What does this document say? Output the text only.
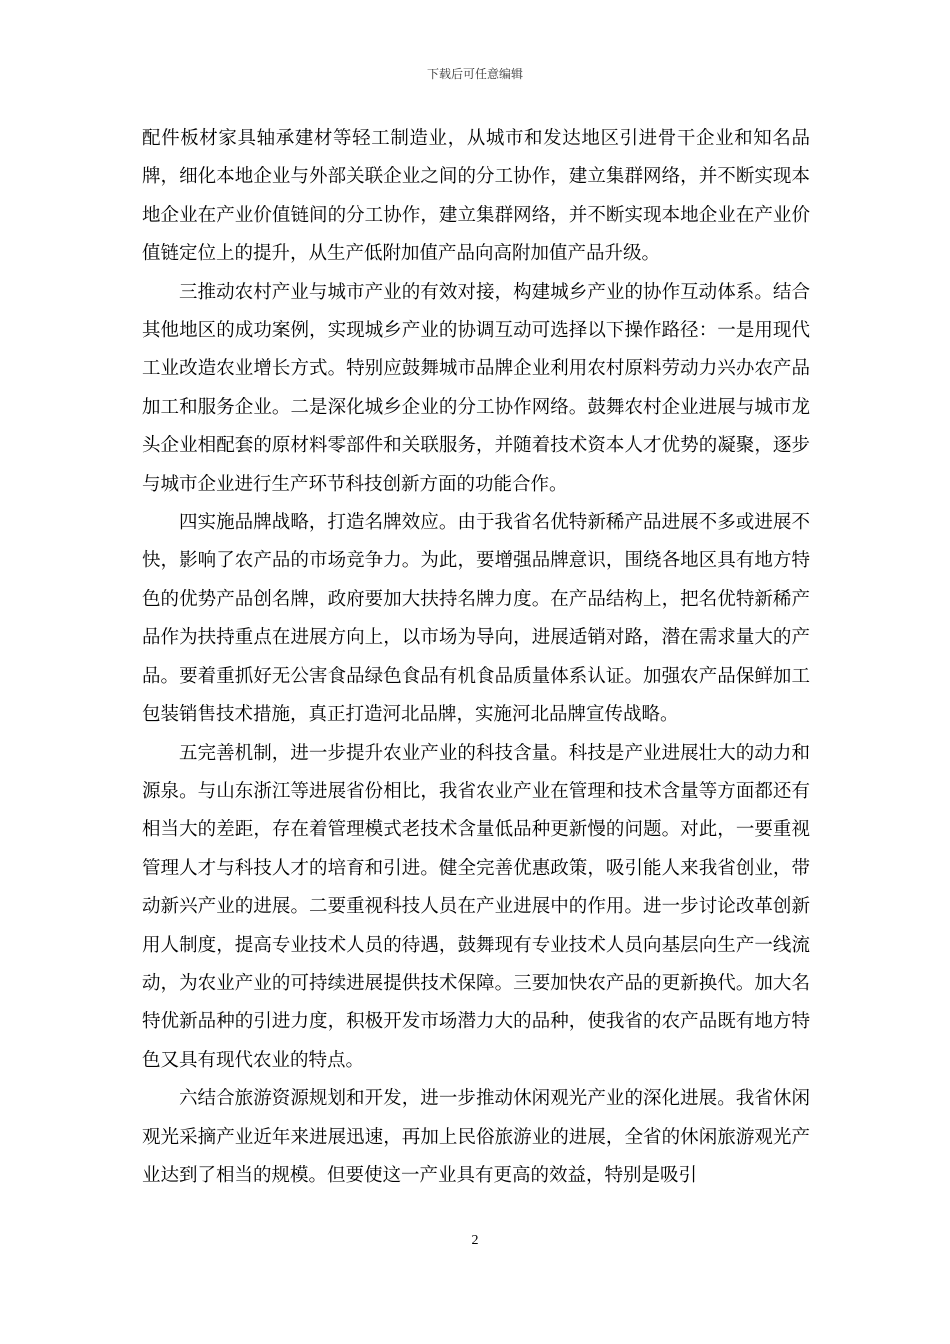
下载后可任意编辑

配件板材家具轴承建材等轻工制造业，从城市和发达地区引进骨干企业和知名品牌，细化本地企业与外部关联企业之间的分工协作，建立集群网络，并不断实现本地企业在产业价值链间的分工协作，建立集群网络，并不断实现本地企业在产业价值链定位上的提升，从生产低附加值产品向高附加值产品升级。

三推动农村产业与城市产业的有效对接，构建城乡产业的协作互动体系。结合其他地区的成功案例，实现城乡产业的协调互动可选择以下操作路径：一是用现代工业改造农业增长方式。特别应鼓舞城市品牌企业利用农村原料劳动力兴办农产品加工和服务企业。二是深化城乡企业的分工协作网络。鼓舞农村企业进展与城市龙头企业相配套的原材料零部件和关联服务，并随着技术资本人才优势的凝聚，逐步与城市企业进行生产环节科技创新方面的功能合作。

四实施品牌战略，打造名牌效应。由于我省名优特新稀产品进展不多或进展不快，影响了农产品的市场竞争力。为此，要增强品牌意识，围绕各地区具有地方特色的优势产品创名牌，政府要加大扶持名牌力度。在产品结构上，把名优特新稀产品作为扶持重点在进展方向上，以市场为导向，进展适销对路，潜在需求量大的产品。要着重抓好无公害食品绿色食品有机食品质量体系认证。加强农产品保鲜加工包装销售技术措施，真正打造河北品牌，实施河北品牌宣传战略。

五完善机制，进一步提升农业产业的科技含量。科技是产业进展壮大的动力和源泉。与山东浙江等进展省份相比，我省农业产业在管理和技术含量等方面都还有相当大的差距，存在着管理模式老技术含量低品种更新慢的问题。对此，一要重视管理人才与科技人才的培育和引进。健全完善优惠政策，吸引能人来我省创业，带动新兴产业的进展。二要重视科技人员在产业进展中的作用。进一步讨论改革创新用人制度，提高专业技术人员的待遇，鼓舞现有专业技术人员向基层向生产一线流动，为农业产业的可持续进展提供技术保障。三要加快农产品的更新换代。加大名特优新品种的引进力度，积极开发市场潜力大的品种，使我省的农产品既有地方特色又具有现代农业的特点。

六结合旅游资源规划和开发，进一步推动休闲观光产业的深化进展。我省休闲观光采摘产业近年来进展迅速，再加上民俗旅游业的进展，全省的休闲旅游观光产业达到了相当的规模。但要使这一产业具有更高的效益，特别是吸引

2
